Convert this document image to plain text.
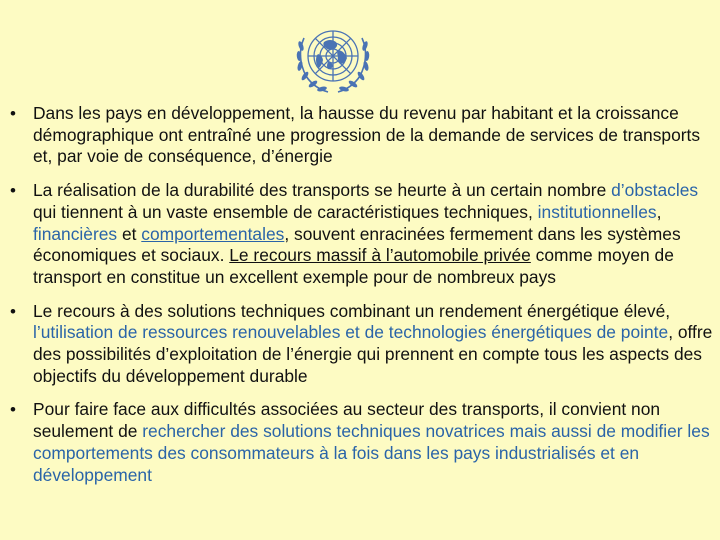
• Dans les pays en développement, la hausse du revenu par habitant et la croissance démographique ont entraîné une progression de la demande de services de transports et, par voie de conséquence, d’énergie
• La réalisation de la durabilité des transports se heurte à un certain nombre d’obstacles qui tiennent à un vaste ensemble de caractéristiques techniques, institutionnelles, financières et comportementales, souvent enracinées fermement dans les systèmes économiques et sociaux. Le recours massif à l’automobile privée comme moyen de transport en constitue un excellent exemple pour de nombreux pays
• Le recours à des solutions techniques combinant un rendement énergétique élevé, l’utilisation de ressources renouvelables et de technologies énergétiques de pointe, offre des possibilités d’exploitation de l’énergie qui prennent en compte tous les aspects des objectifs du développement durable
• Pour faire face aux difficultés associées au secteur des transports, il convient non seulement de rechercher des solutions techniques novatrices mais aussi de modifier les comportements des consommateurs à la fois dans les pays industrialisés et en développement
